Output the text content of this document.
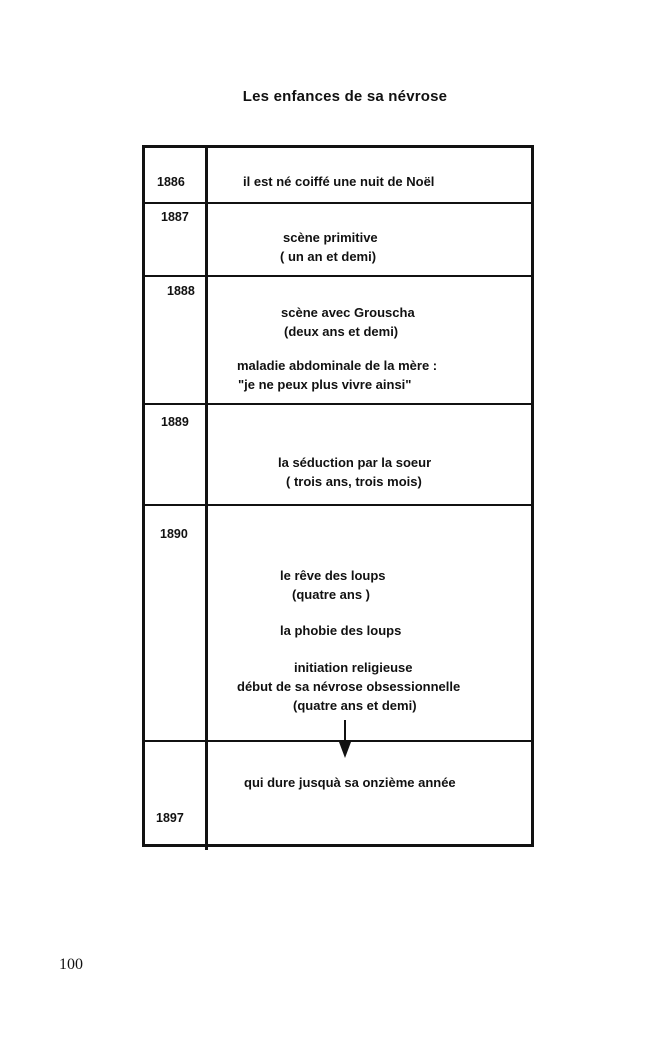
Les enfances de sa névrose
1886	il est né coiffé une nuit de Noël
1887
scène primitive
( un an et demi)
1888
scène avec Grouscha
(deux ans et demi)
maladie abdominale de la mère :
"je ne peux plus vivre ainsi"
1889
la séduction par la soeur
( trois ans, trois mois)
1890
le rêve des loups
(quatre ans )
la phobie des loups
initiation religieuse
début de sa névrose obsessionnelle
(quatre ans et demi)
1897
qui dure jusquà sa onzième année
100
